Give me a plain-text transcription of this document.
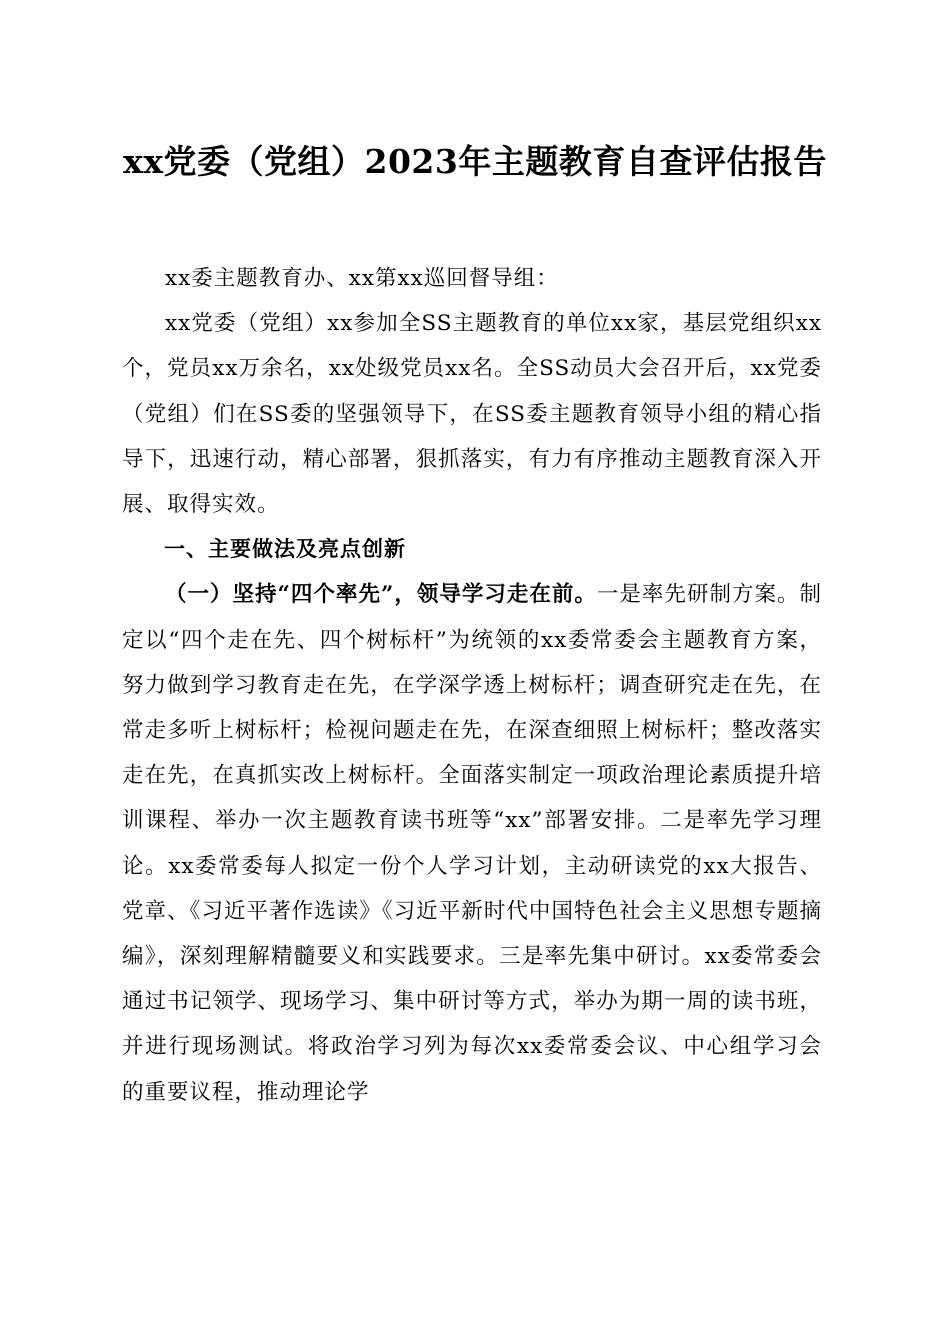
xx党委（党组）2023年主题教育自查评估报告

xx委主题教育办、xx第xx巡回督导组：

xx党委（党组）xx参加全SS主题教育的单位xx家，基层党组织xx个，党员xx万余名，xx处级党员xx名。全SS动员大会召开后，xx党委（党组）们在SS委的坚强领导下，在SS委主题教育领导小组的精心指导下，迅速行动，精心部署，狠抓落实，有力有序推动主题教育深入开展、取得实效。

一、主要做法及亮点创新

（一）坚持“四个率先”，领导学习走在前。一是率先研制方案。制定以“四个走在先、四个树标杆”为统领的xx委常委会主题教育方案，努力做到学习教育走在先，在学深学透上树标杆；调查研究走在先，在常走多听上树标杆；检视问题走在先，在深查细照上树标杆；整改落实走在先，在真抓实改上树标杆。全面落实制定一项政治理论素质提升培训课程、举办一次主题教育读书班等“xx”部署安排。二是率先学习理论。xx委常委每人拟定一份个人学习计划，主动研读党的xx大报告、党章、《习近平著作选读》《习近平新时代中国特色社会主义思想专题摘编》，深刻理解精髓要义和实践要求。三是率先集中研讨。xx委常委会通过书记领学、现场学习、集中研讨等方式，举办为期一周的读书班，并进行现场测试。将政治学习列为每次xx委常委会议、中心组学习会的重要议程，推动理论学
